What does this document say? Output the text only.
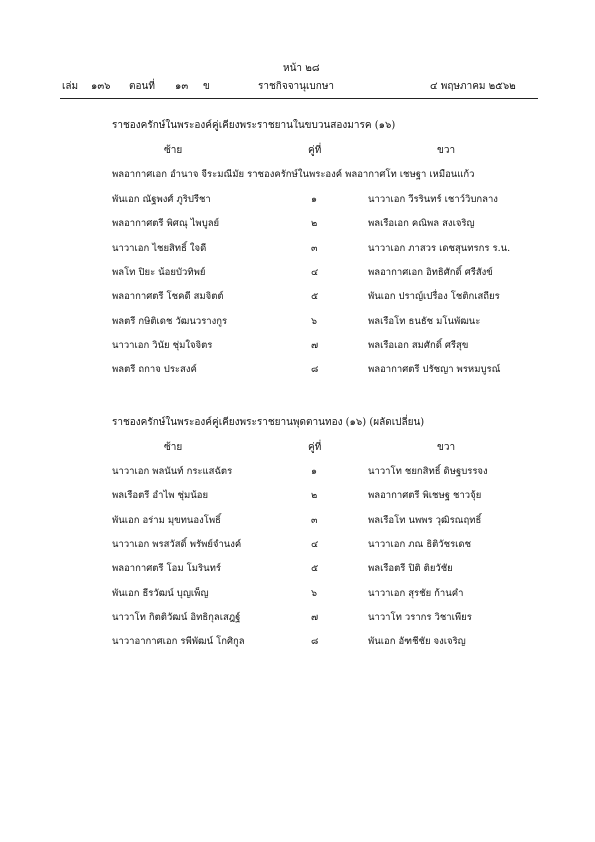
หน้า ๒๘
เล่ม ๑๓๖ ตอนที่ ๑๓ ข	ราชกิจจานุเบกษา	๔ พฤษภาคม ๒๕๖๒
ราชองครักษ์ในพระองค์คู่เคียงพระราชยานในขบวนสองมารค (๑๖)
ซ้าย	คู่ที่	ขวา
พลอากาศเอก อำนาจ จีระมณีมัย ราชองครักษ์ในพระองค์ พลอากาศโท เชษฐา เหมือนแก้ว
พันเอก ณัฐพงศ์ ภูริปรีชา	๑	นาวาเอก วีรรินทร์ เชาว์วิบกลาง
พลอากาศตรี พิศณุ ไพบูลย์	๒	พลเรือเอก คณิพล สงเจริญ
นาวาเอก ไชยสิทธิ์ ใจดี	๓	นาวาเอก ภาสวร เดชสุนทรกร ร.น.
พลโท ปิยะ น้อยบัวทิพย์	๔	พลอากาศเอก อิทธิศักดิ์ ศรีสังข์
พลอากาศตรี โชคดี สมจิตต์	๕	พันเอก ปราญ์เปรื่อง โชติกเสถียร
พลตรี กษิติเดช วัฒนวรางกูร	๖	พลเรือโท ธนธัช มโนพัฒนะ
นาวาเอก วินัย ชุ่มใจจิตร	๗	พลเรือเอก สมศักดิ์ ศรีสุข
พลตรี ถกาจ ประสงค์	๘	พลอากาศตรี ปรัชญา พรหมบูรณ์
ราชองครักษ์ในพระองค์คู่เคียงพระราชยานพุดตานทอง (๑๖) (ผลัดเปลี่ยน)
ซ้าย	คู่ที่	ขวา
นาวาเอก พลนันท์ กระแสฉัตร	๑	นาวาโท ชยกสิทธิ์ ดิษฐบรรจง
พลเรือตรี อำไพ ชุ่มน้อย	๒	พลอากาศตรี พิเชษฐ ชาวจุ้ย
พันเอก อร่าม มุขทนองโพธิ์	๓	พลเรือโท นพพร วุฒิรณฤทธิ์
นาวาเอก พรสวัสดิ์ พรัพย์จำนงค์	๔	นาวาเอก ภณ ธิติวัชรเดช
พลอากาศตรี โอม โมรินทร์	๕	พลเรือตรี ปิติ ติยวัชัย
พันเอก ธีรวัฒน์ บุญเพ็ญ	๖	นาวาเอก สุรชัย ก้านคำ
นาวาโท กิตติวัฒน์ อิทธิกุลเสฎฐ์	๗	นาวาโท วรากร วิชาเพียร
นาวาอากาศเอก รพีพัฒน์ โกศิกูล	๘	พันเอก อัฑชีชัย จงเจริญ
